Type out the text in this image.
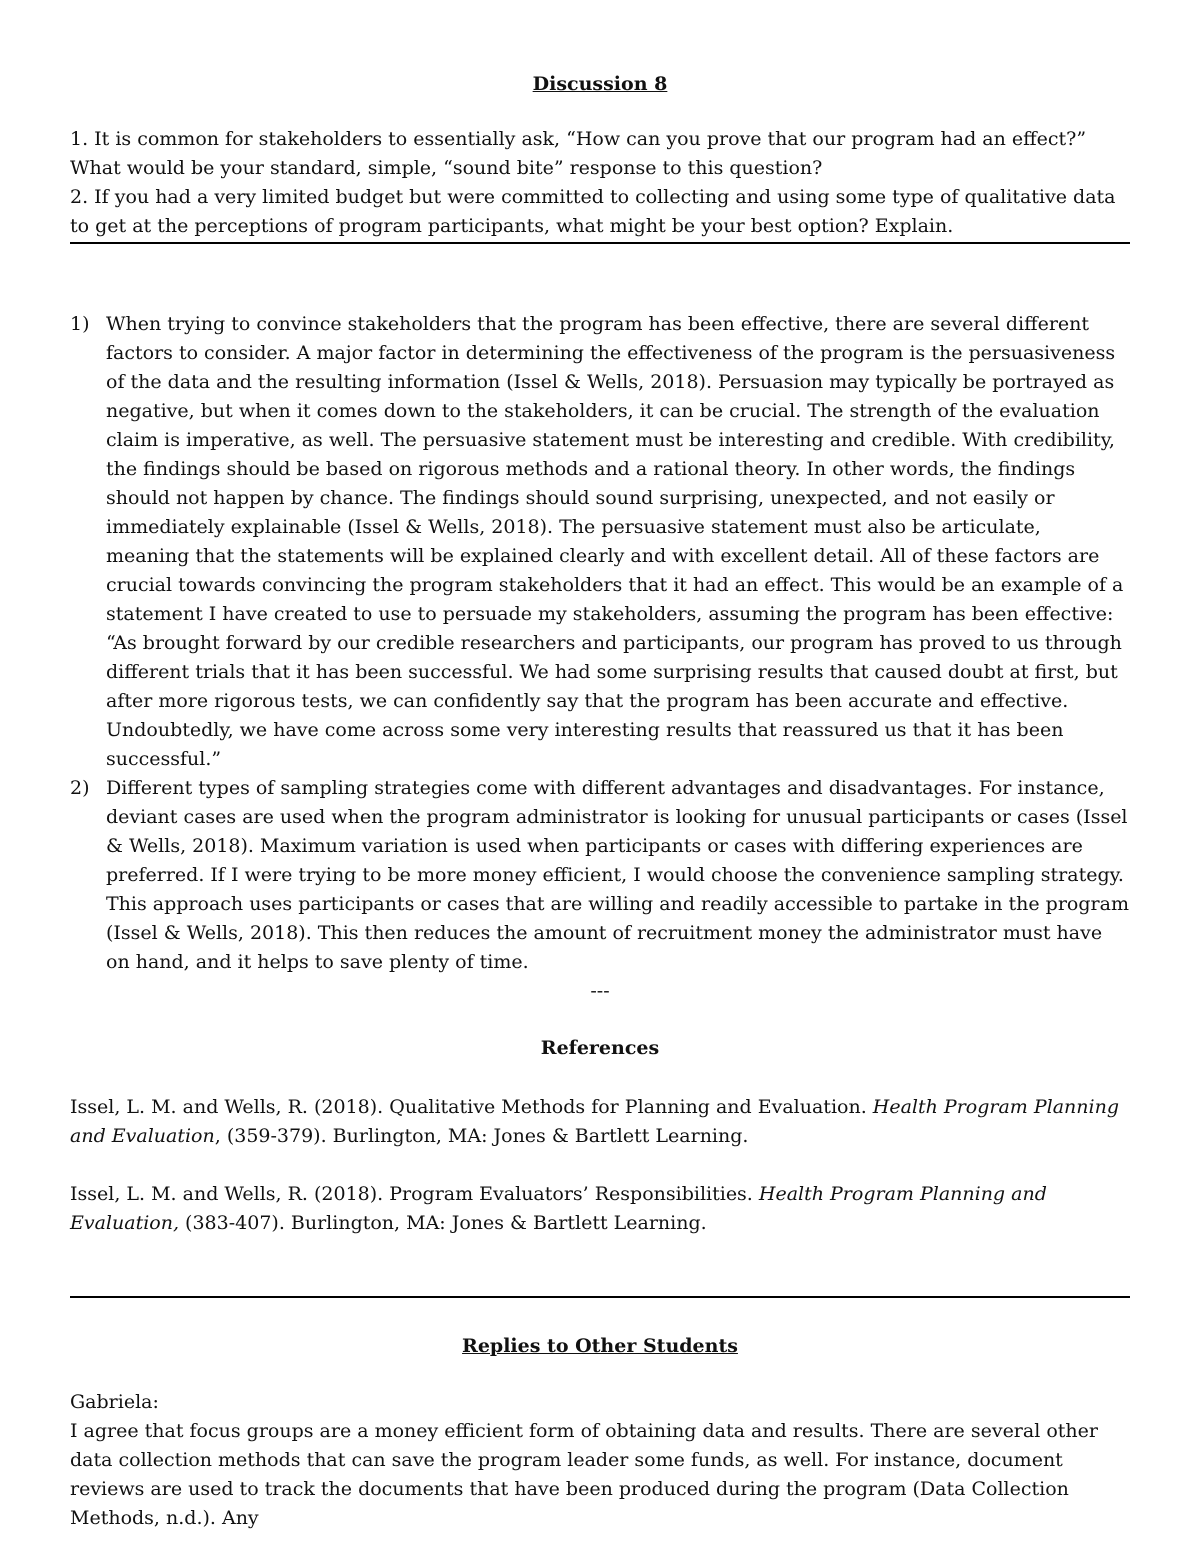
Discussion 8

1. It is common for stakeholders to essentially ask, “How can you prove that our program had an effect?” What would be your standard, simple, “sound bite” response to this question?

2. If you had a very limited budget but were committed to collecting and using some type of qualitative data to get at the perceptions of program participants, what might be your best option? Explain.

1) When trying to convince stakeholders that the program has been effective, there are several different factors to consider. A major factor in determining the effectiveness of the program is the persuasiveness of the data and the resulting information (Issel & Wells, 2018). Persuasion may typically be portrayed as negative, but when it comes down to the stakeholders, it can be crucial. The strength of the evaluation claim is imperative, as well. The persuasive statement must be interesting and credible. With credibility, the findings should be based on rigorous methods and a rational theory. In other words, the findings should not happen by chance. The findings should sound surprising, unexpected, and not easily or immediately explainable (Issel & Wells, 2018). The persuasive statement must also be articulate, meaning that the statements will be explained clearly and with excellent detail. All of these factors are crucial towards convincing the program stakeholders that it had an effect. This would be an example of a statement I have created to use to persuade my stakeholders, assuming the program has been effective: “As brought forward by our credible researchers and participants, our program has proved to us through different trials that it has been successful. We had some surprising results that caused doubt at first, but after more rigorous tests, we can confidently say that the program has been accurate and effective. Undoubtedly, we have come across some very interesting results that reassured us that it has been successful.”
2) Different types of sampling strategies come with different advantages and disadvantages. For instance, deviant cases are used when the program administrator is looking for unusual participants or cases (Issel & Wells, 2018). Maximum variation is used when participants or cases with differing experiences are preferred. If I were trying to be more money efficient, I would choose the convenience sampling strategy. This approach uses participants or cases that are willing and readily accessible to partake in the program (Issel & Wells, 2018). This then reduces the amount of recruitment money the administrator must have on hand, and it helps to save plenty of time.
---
References

Issel, L. M. and Wells, R. (2018). Qualitative Methods for Planning and Evaluation. Health Program Planning and Evaluation, (359-379). Burlington, MA: Jones & Bartlett Learning.

Issel, L. M. and Wells, R. (2018). Program Evaluators’ Responsibilities. Health Program Planning and Evaluation, (383-407). Burlington, MA: Jones & Bartlett Learning.

Replies to Other Students
Gabriela:

I agree that focus groups are a money efficient form of obtaining data and results. There are several other data collection methods that can save the program leader some funds, as well. For instance, document reviews are used to track the documents that have been produced during the program (Data Collection Methods, n.d.). Any
